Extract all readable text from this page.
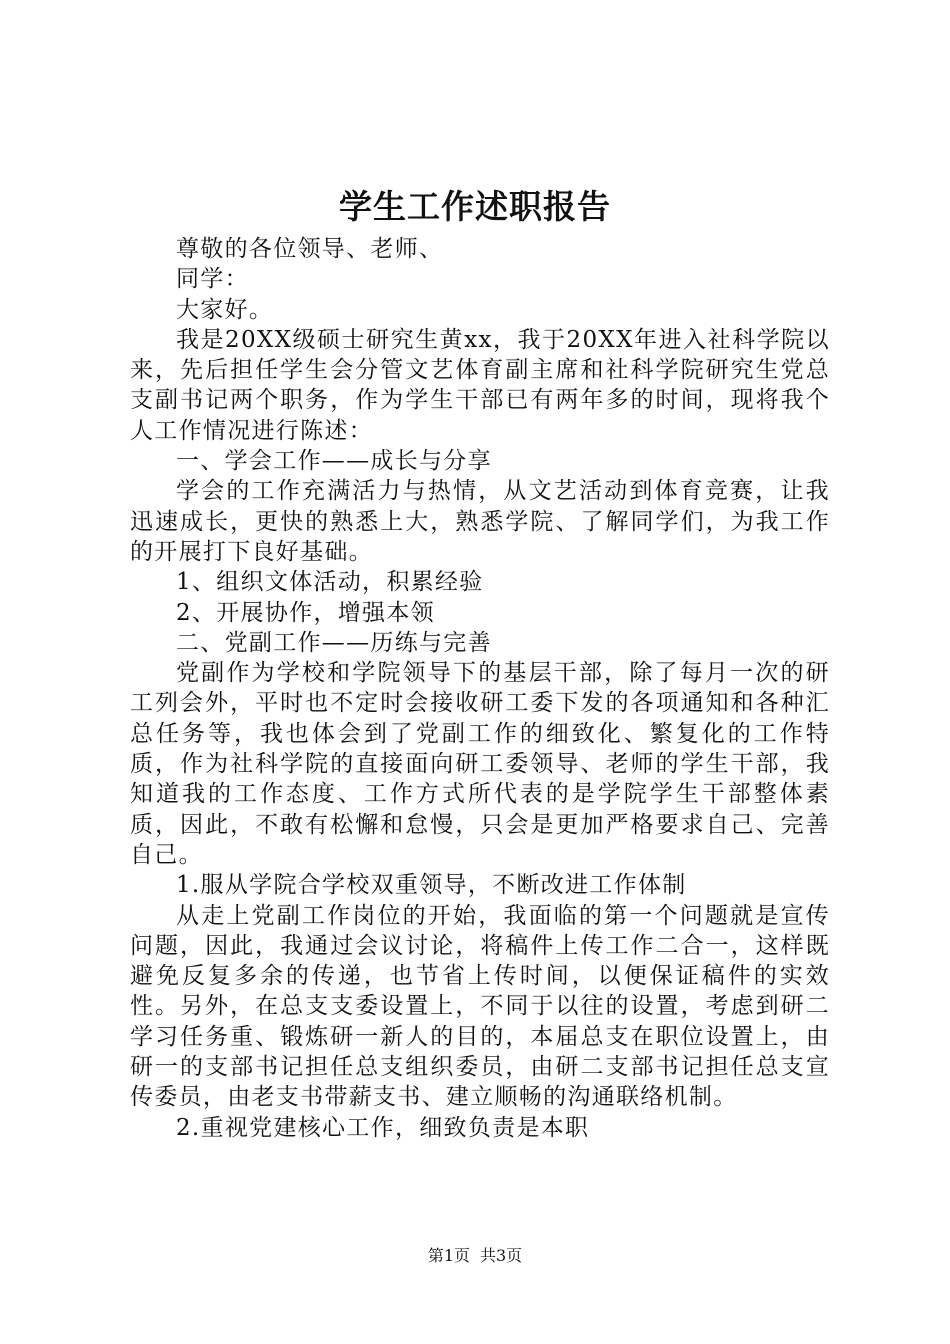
学生工作述职报告

尊敬的各位领导、老师、

同学：

大家好。

我是20XX级硕士研究生黄xx，我于20XX年进入社科学院以来，先后担任学生会分管文艺体育副主席和社科学院研究生党总支副书记两个职务，作为学生干部已有两年多的时间，现将我个人工作情况进行陈述：

一、学会工作——成长与分享

学会的工作充满活力与热情，从文艺活动到体育竞赛，让我迅速成长，更快的熟悉上大，熟悉学院、了解同学们，为我工作的开展打下良好基础。

1、组织文体活动，积累经验

2、开展协作，增强本领

二、党副工作——历练与完善

党副作为学校和学院领导下的基层干部，除了每月一次的研工列会外，平时也不定时会接收研工委下发的各项通知和各种汇总任务等，我也体会到了党副工作的细致化、繁复化的工作特质，作为社科学院的直接面向研工委领导、老师的学生干部，我知道我的工作态度、工作方式所代表的是学院学生干部整体素质，因此，不敢有松懈和怠慢，只会是更加严格要求自己、完善自己。

1.服从学院合学校双重领导，不断改进工作体制

从走上党副工作岗位的开始，我面临的第一个问题就是宣传问题，因此，我通过会议讨论，将稿件上传工作二合一，这样既避免反复多余的传递，也节省上传时间，以便保证稿件的实效性。另外，在总支支委设置上，不同于以往的设置，考虑到研二学习任务重、锻炼研一新人的目的，本届总支在职位设置上，由研一的支部书记担任总支组织委员，由研二支部书记担任总支宣传委员，由老支书带薪支书、建立顺畅的沟通联络机制。

2.重视党建核心工作，细致负责是本职

第1页 共3页
